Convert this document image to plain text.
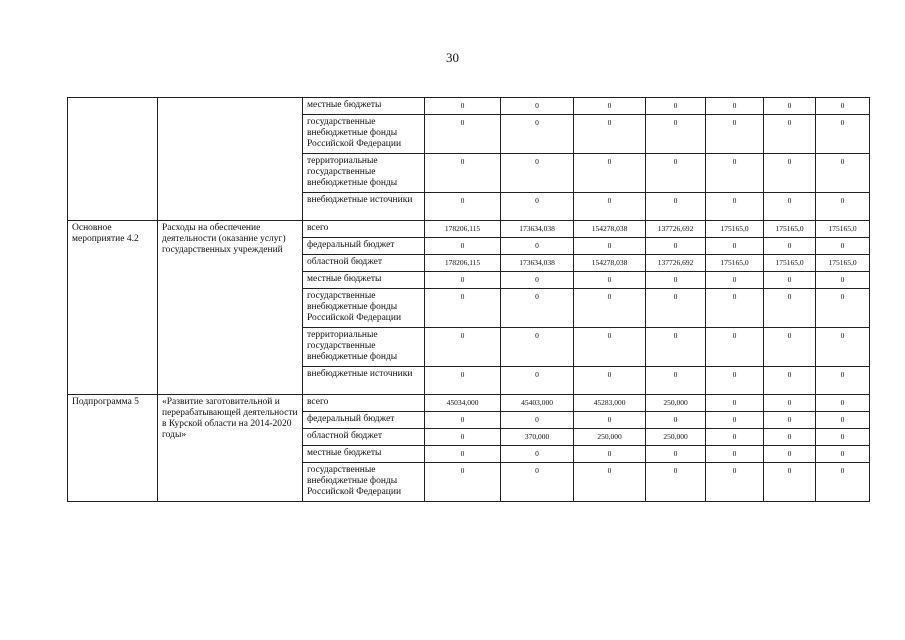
30
		местные бюджеты	0	0	0	0	0	0	0
		государственные внебюджетные фонды Российской Федерации	0	0	0	0	0	0	0
		территориальные государственные внебюджетные фонды	0	0	0	0	0	0	0
		внебюджетные источники	0	0	0	0	0	0	0
Основное мероприятие 4.2	Расходы на обеспечение деятельности (оказание услуг) государственных учреждений	всего	178206,115	173634,038	154278,038	137726,692	175165,0	175165,0	175165,0
		федеральный бюджет	0	0	0	0	0	0	0
		областной бюджет	178206,115	173634,038	154278,038	137726,692	175165,0	175165,0	175165,0
		местные бюджеты	0	0	0	0	0	0	0
		государственные внебюджетные фонды Российской Федерации	0	0	0	0	0	0	0
		территориальные государственные внебюджетные фонды	0	0	0	0	0	0	0
		внебюджетные источники	0	0	0	0	0	0	0
Подпрограмма 5	«Развитие заготовительной и перерабатывающей деятельности в Курской области на 2014-2020 годы»	всего	45034,000	45403,000	45283,000	250,000	0	0	0
		федеральный бюджет	0	0	0	0	0	0	0
		областной бюджет	0	370,000	250,000	250,000	0	0	0
		местные бюджеты	0	0	0	0	0	0	0
		государственные внебюджетные фонды Российской Федерации	0	0	0	0	0	0	0
